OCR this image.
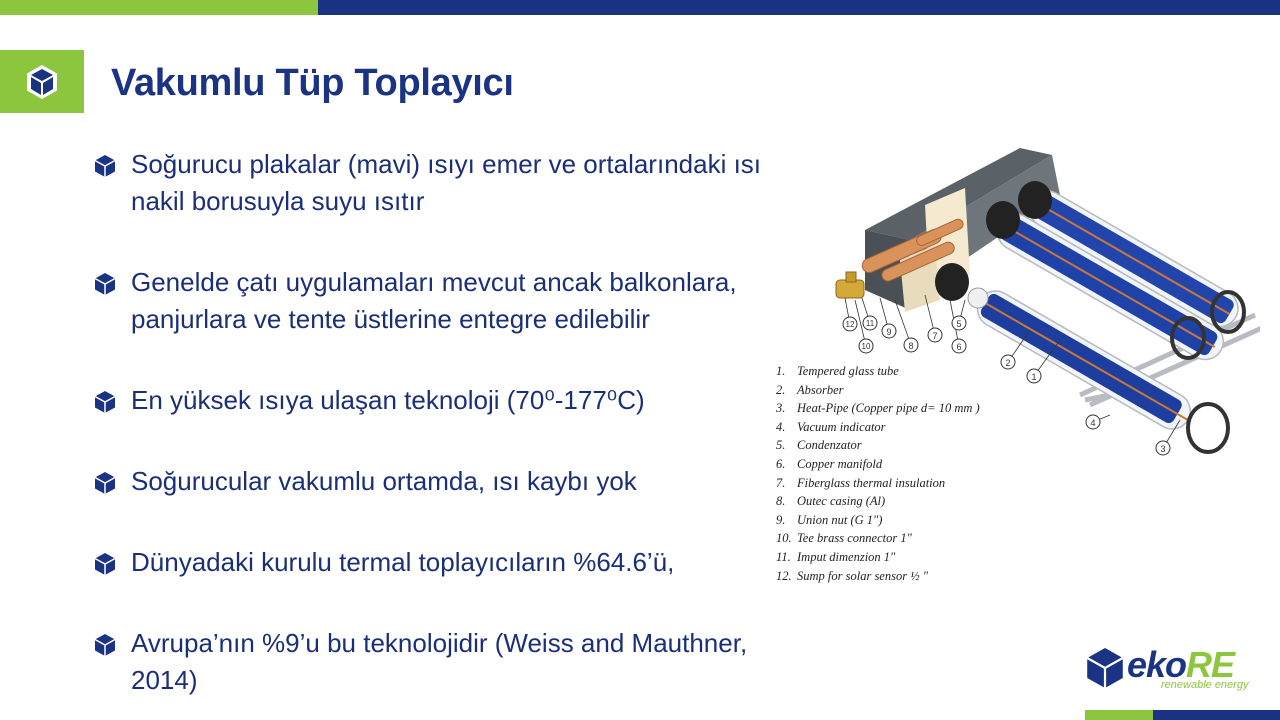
Vakumlu Tüp Toplayıcı
Soğurucu plakalar (mavi) ısıyı emer ve ortalarındaki ısı nakil borusuyla suyu ısıtır
Genelde çatı uygulamaları mevcut ancak balkonlara, panjurlara ve tente üstlerine entegre edilebilir
En yüksek ısıya ulaşan teknoloji (70⁰-177⁰C)
Soğurucular vakumlu ortamda, ısı kaybı yok
Dünyadaki kurulu termal toplayıcıların %64.6’ü,
Avrupa’nın %9’u bu teknolojidir (Weiss and Mauthner, 2014)
1
2
3
4
5
6
7
8
9
10
11
12
1. Tempered glass tube
2. Absorber
3. Heat-Pipe (Copper pipe d= 10 mm )
4. Vacuum indicator
5. Condenzator
6. Copper manifold
7. Fiberglass thermal insulation
8. Outec casing (Al)
9. Union nut (G 1")
10. Tee brass connector 1"
11. Imput dimenzion 1"
12. Sump for solar sensor ½ "
ekoRE
renewable energy
